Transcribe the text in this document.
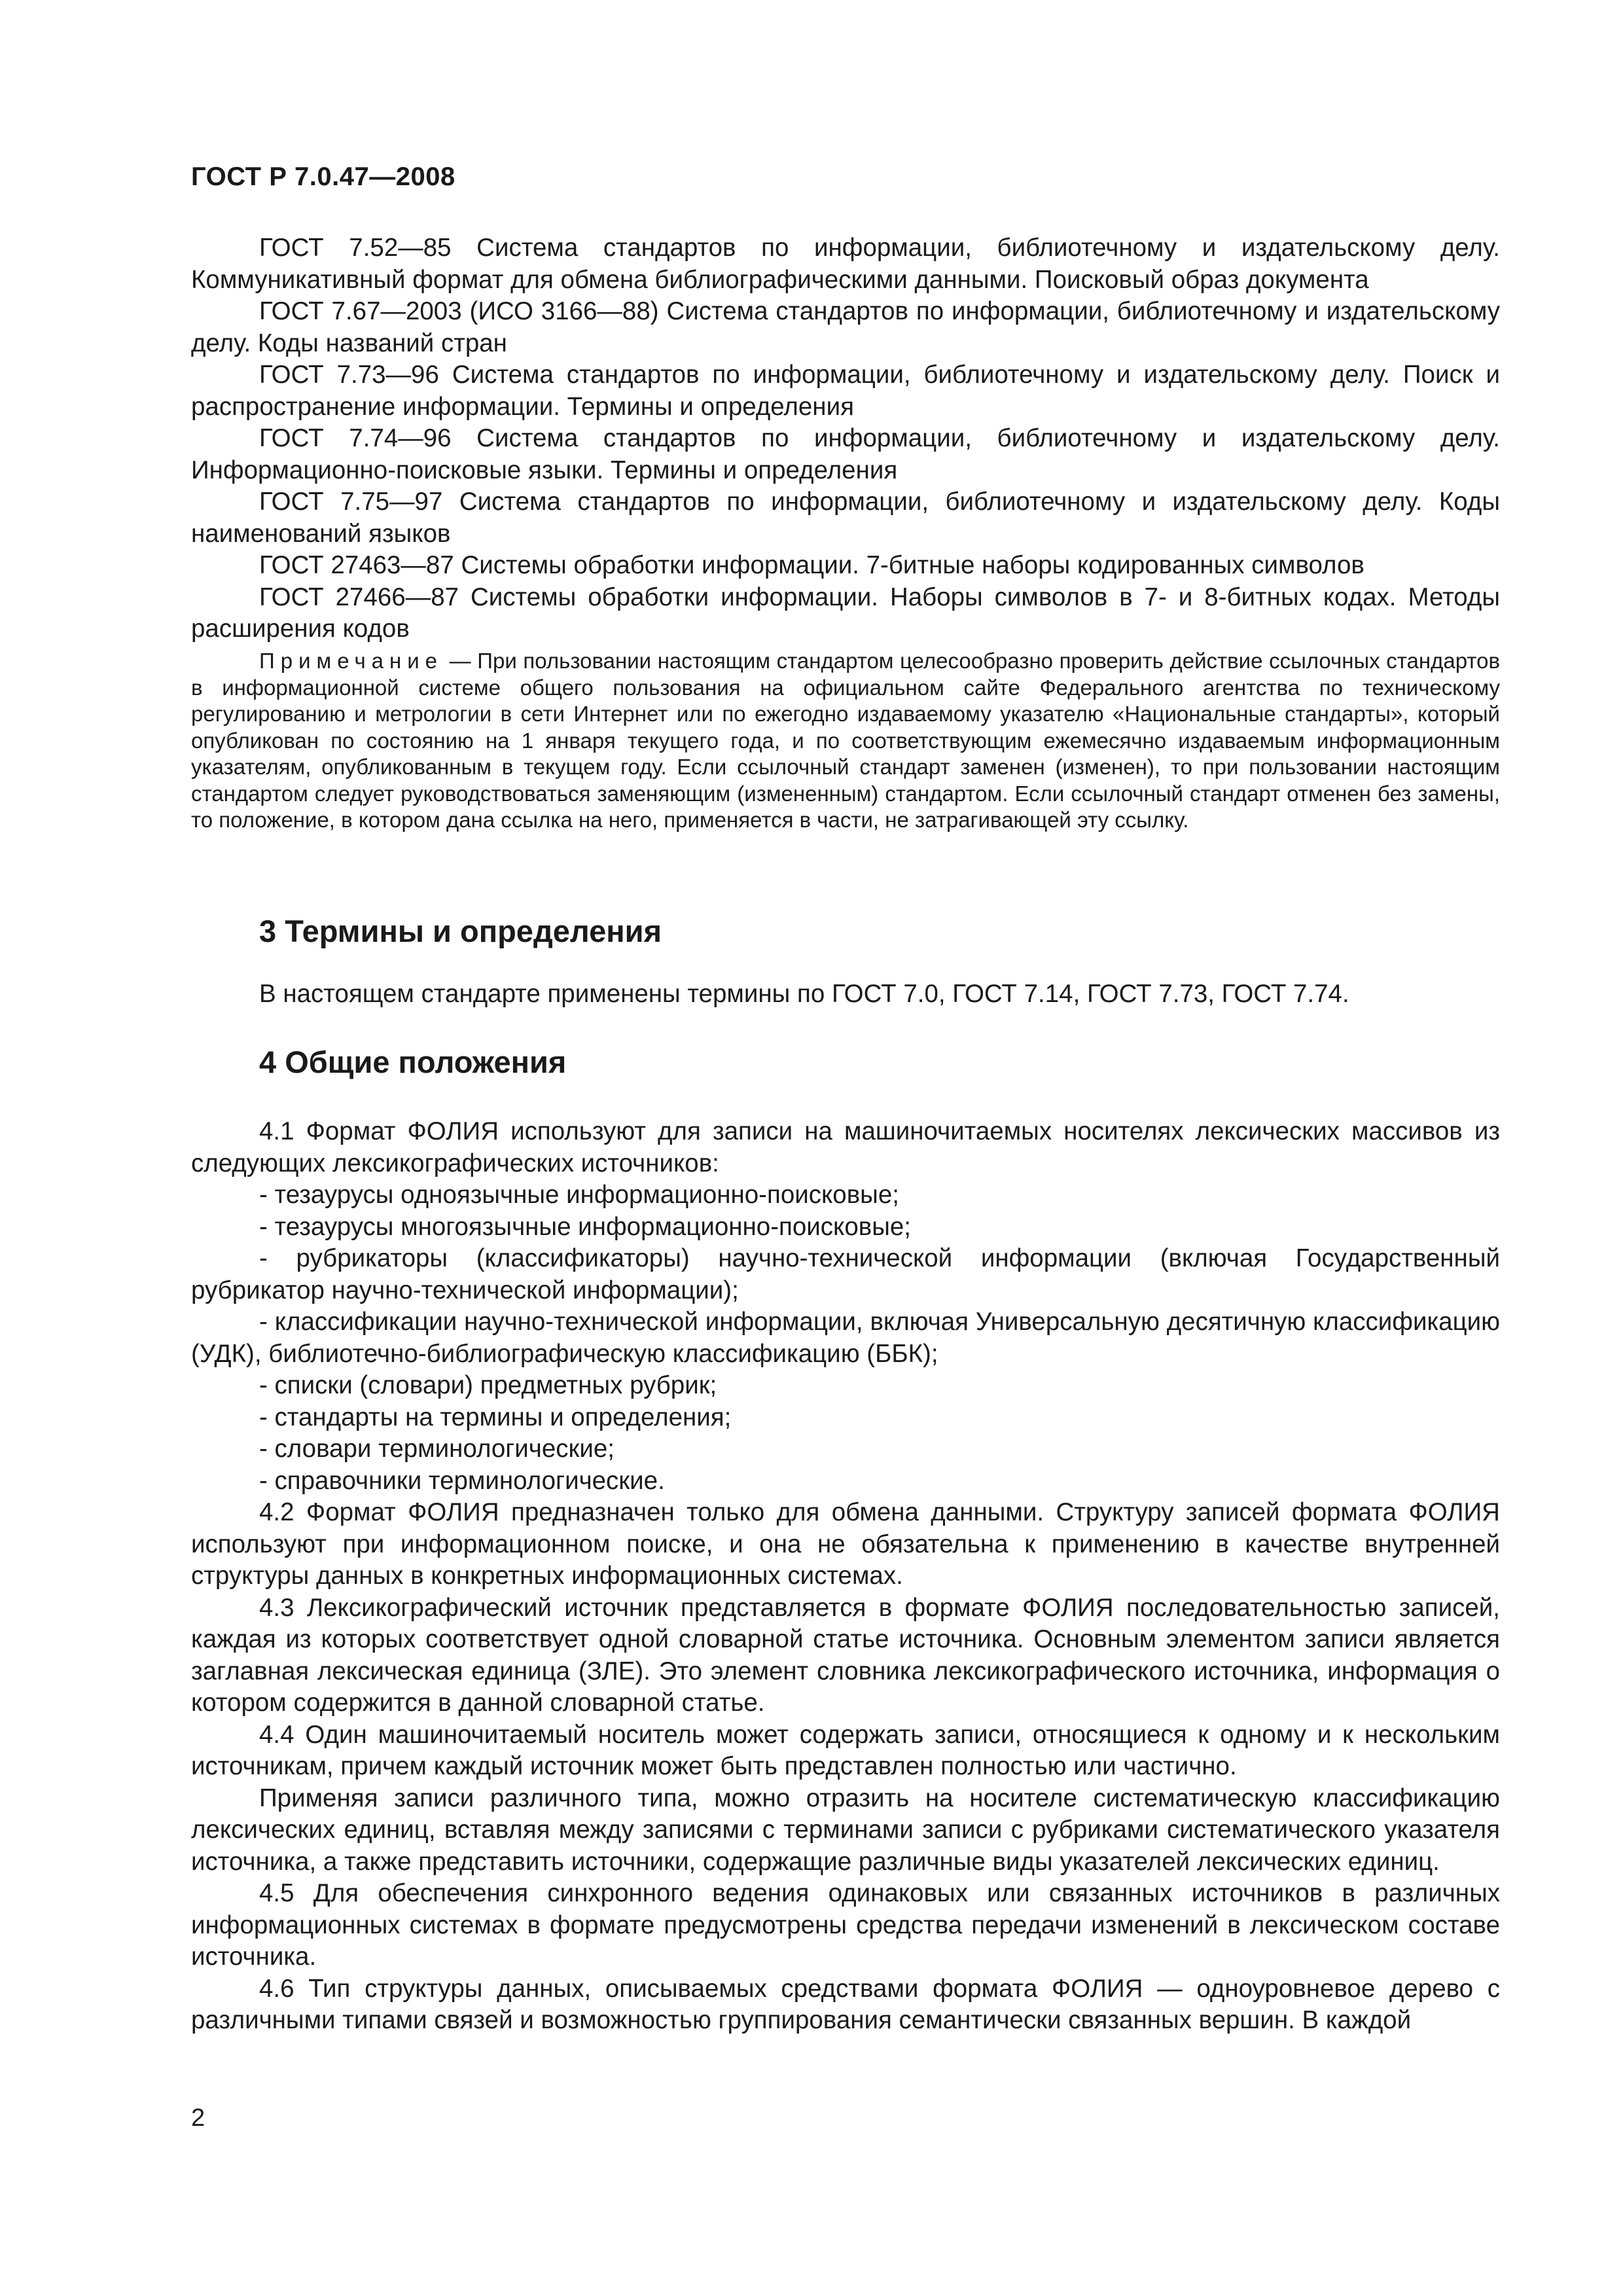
ГОСТ Р 7.0.47—2008

ГОСТ 7.52—85 Система стандартов по информации, библиотечному и издательскому делу. Коммуникативный формат для обмена библиографическими данными. Поисковый образ документа

ГОСТ 7.67—2003 (ИСО 3166—88) Система стандартов по информации, библиотечному и издательскому делу. Коды названий стран

ГОСТ 7.73—96 Система стандартов по информации, библиотечному и издательскому делу. Поиск и распространение информации. Термины и определения

ГОСТ 7.74—96 Система стандартов по информации, библиотечному и издательскому делу. Информационно-поисковые языки. Термины и определения

ГОСТ 7.75—97 Система стандартов по информации, библиотечному и издательскому делу. Коды наименований языков

ГОСТ 27463—87 Системы обработки информации. 7-битные наборы кодированных символов

ГОСТ 27466—87 Системы обработки информации. Наборы символов в 7- и 8-битных кодах. Методы расширения кодов

Примечание — При пользовании настоящим стандартом целесообразно проверить действие ссылочных стандартов в информационной системе общего пользования на официальном сайте Федерального агентства по техническому регулированию и метрологии в сети Интернет или по ежегодно издаваемому указателю «Национальные стандарты», который опубликован по состоянию на 1 января текущего года, и по соответствующим ежемесячно издаваемым информационным указателям, опубликованным в текущем году. Если ссылочный стандарт заменен (изменен), то при пользовании настоящим стандартом следует руководствоваться заменяющим (измененным) стандартом. Если ссылочный стандарт отменен без замены, то положение, в котором дана ссылка на него, применяется в части, не затрагивающей эту ссылку.

3 Термины и определения

В настоящем стандарте применены термины по ГОСТ 7.0, ГОСТ 7.14, ГОСТ 7.73, ГОСТ 7.74.

4 Общие положения

4.1 Формат ФОЛИЯ используют для записи на машиночитаемых носителях лексических массивов из следующих лексикографических источников:

- тезаурусы одноязычные информационно-поисковые;

- тезаурусы многоязычные информационно-поисковые;

- рубрикаторы (классификаторы) научно-технической информации (включая Государственный рубрикатор научно-технической информации);

- классификации научно-технической информации, включая Универсальную десятичную классификацию (УДК), библиотечно-библиографическую классификацию (ББК);

- списки (словари) предметных рубрик;

- стандарты на термины и определения;

- словари терминологические;

- справочники терминологические.

4.2 Формат ФОЛИЯ предназначен только для обмена данными. Структуру записей формата ФОЛИЯ используют при информационном поиске, и она не обязательна к применению в качестве внутренней структуры данных в конкретных информационных системах.

4.3 Лексикографический источник представляется в формате ФОЛИЯ последовательностью записей, каждая из которых соответствует одной словарной статье источника. Основным элементом записи является заглавная лексическая единица (ЗЛЕ). Это элемент словника лексикографического источника, информация о котором содержится в данной словарной статье.

4.4 Один машиночитаемый носитель может содержать записи, относящиеся к одному и к нескольким источникам, причем каждый источник может быть представлен полностью или частично.

Применяя записи различного типа, можно отразить на носителе систематическую классификацию лексических единиц, вставляя между записями с терминами записи с рубриками систематического указателя источника, а также представить источники, содержащие различные виды указателей лексических единиц.

4.5 Для обеспечения синхронного ведения одинаковых или связанных источников в различных информационных системах в формате предусмотрены средства передачи изменений в лексическом составе источника.

4.6 Тип структуры данных, описываемых средствами формата ФОЛИЯ — одноуровневое дерево с различными типами связей и возможностью группирования семантически связанных вершин. В каждой

2
